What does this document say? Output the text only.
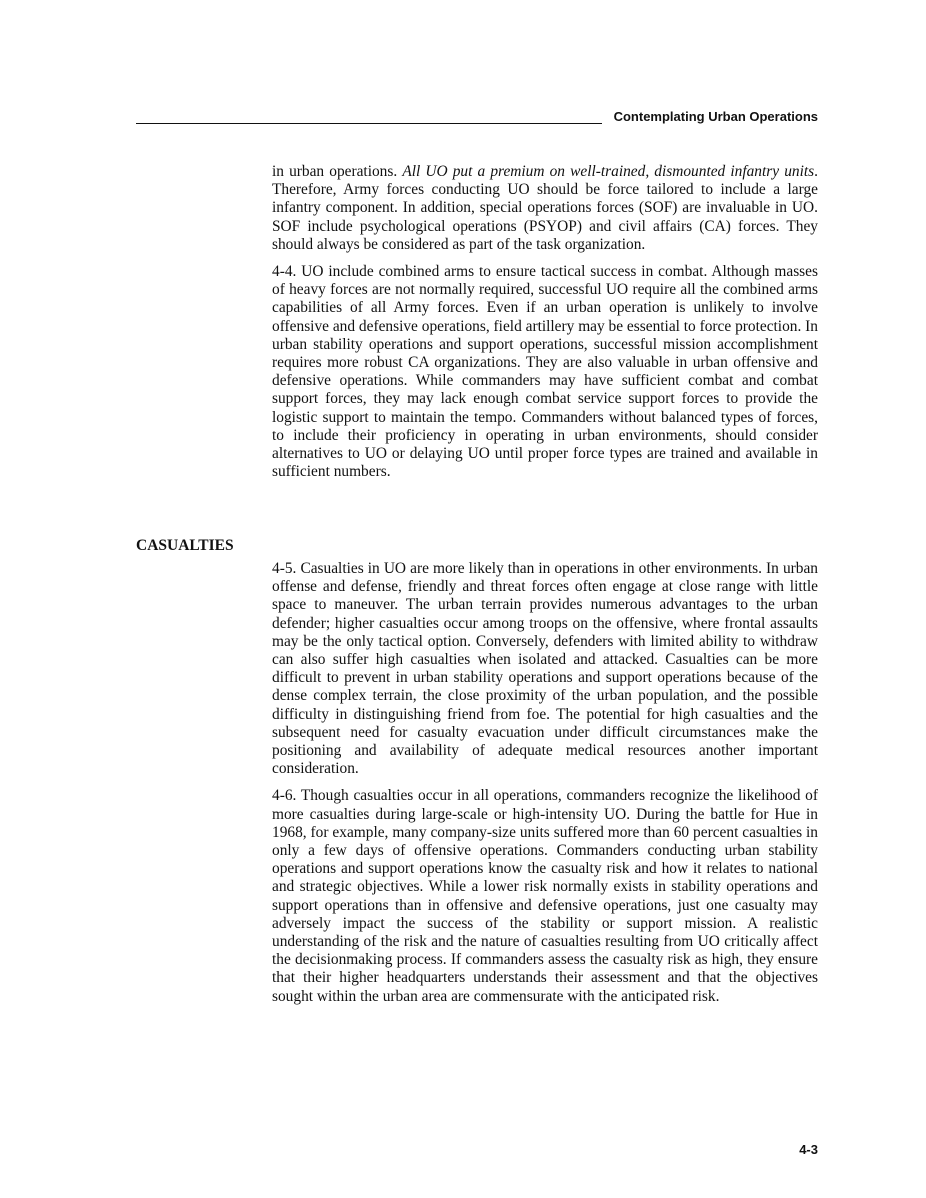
Contemplating Urban Operations

in urban operations. All UO put a premium on well-trained, dismounted infantry units. Therefore, Army forces conducting UO should be force tailored to include a large infantry component. In addition, special operations forces (SOF) are invaluable in UO. SOF include psychological operations (PSYOP) and civil affairs (CA) forces. They should always be considered as part of the task organization.

4-4. UO include combined arms to ensure tactical success in combat. Although masses of heavy forces are not normally required, successful UO require all the combined arms capabilities of all Army forces. Even if an urban operation is unlikely to involve offensive and defensive operations, field artillery may be essential to force protection. In urban stability operations and support operations, successful mission accomplishment requires more robust CA organizations. They are also valuable in urban offensive and defensive operations. While commanders may have sufficient combat and combat support forces, they may lack enough combat service support forces to provide the logistic support to maintain the tempo. Commanders without balanced types of forces, to include their proficiency in operating in urban environments, should consider alternatives to UO or delaying UO until proper force types are trained and available in sufficient numbers.

CASUALTIES

4-5. Casualties in UO are more likely than in operations in other environments. In urban offense and defense, friendly and threat forces often engage at close range with little space to maneuver. The urban terrain provides numerous advantages to the urban defender; higher casualties occur among troops on the offensive, where frontal assaults may be the only tactical option. Conversely, defenders with limited ability to withdraw can also suffer high casualties when isolated and attacked. Casualties can be more difficult to prevent in urban stability operations and support operations because of the dense complex terrain, the close proximity of the urban population, and the possible difficulty in distinguishing friend from foe. The potential for high casualties and the subsequent need for casualty evacuation under difficult circumstances make the positioning and availability of adequate medical resources another important consideration.

4-6. Though casualties occur in all operations, commanders recognize the likelihood of more casualties during large-scale or high-intensity UO. During the battle for Hue in 1968, for example, many company-size units suffered more than 60 percent casualties in only a few days of offensive operations. Commanders conducting urban stability operations and support operations know the casualty risk and how it relates to national and strategic objectives. While a lower risk normally exists in stability operations and support operations than in offensive and defensive operations, just one casualty may adversely impact the success of the stability or support mission. A realistic understanding of the risk and the nature of casualties resulting from UO critically affect the decisionmaking process. If commanders assess the casualty risk as high, they ensure that their higher headquarters understands their assessment and that the objectives sought within the urban area are commensurate with the anticipated risk.

4-3
